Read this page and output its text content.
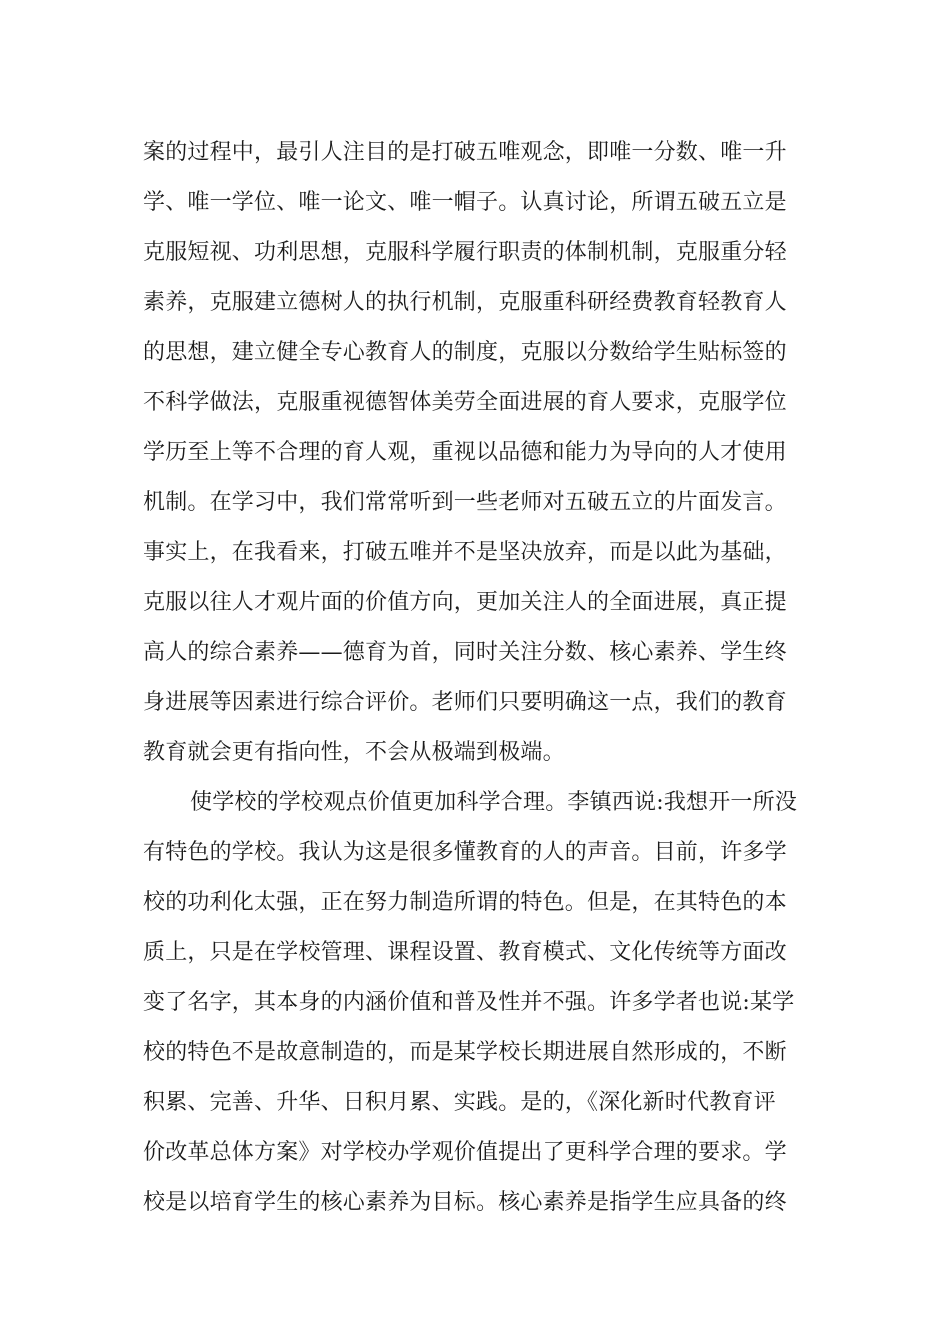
案的过程中，最引人注目的是打破五唯观念，即唯一分数、唯一升
学、唯一学位、唯一论文、唯一帽子。认真讨论，所谓五破五立是
克服短视、功利思想，克服科学履行职责的体制机制，克服重分轻
素养，克服建立德树人的执行机制，克服重科研经费教育轻教育人
的思想，建立健全专心教育人的制度，克服以分数给学生贴标签的
不科学做法，克服重视德智体美劳全面进展的育人要求，克服学位
学历至上等不合理的育人观，重视以品德和能力为导向的人才使用
机制。在学习中，我们常常听到一些老师对五破五立的片面发言。
事实上，在我看来，打破五唯并不是坚决放弃，而是以此为基础，
克服以往人才观片面的价值方向，更加关注人的全面进展，真正提
高人的综合素养——德育为首，同时关注分数、核心素养、学生终
身进展等因素进行综合评价。老师们只要明确这一点，我们的教育
教育就会更有指向性，不会从极端到极端。
使学校的学校观点价值更加科学合理。李镇西说:我想开一所没
有特色的学校。我认为这是很多懂教育的人的声音。目前，许多学
校的功利化太强，正在努力制造所谓的特色。但是，在其特色的本
质上，只是在学校管理、课程设置、教育模式、文化传统等方面改
变了名字，其本身的内涵价值和普及性并不强。许多学者也说:某学
校的特色不是故意制造的，而是某学校长期进展自然形成的，不断
积累、完善、升华、日积月累、实践。是的，《深化新时代教育评
价改革总体方案》对学校办学观价值提出了更科学合理的要求。学
校是以培育学生的核心素养为目标。核心素养是指学生应具备的终
